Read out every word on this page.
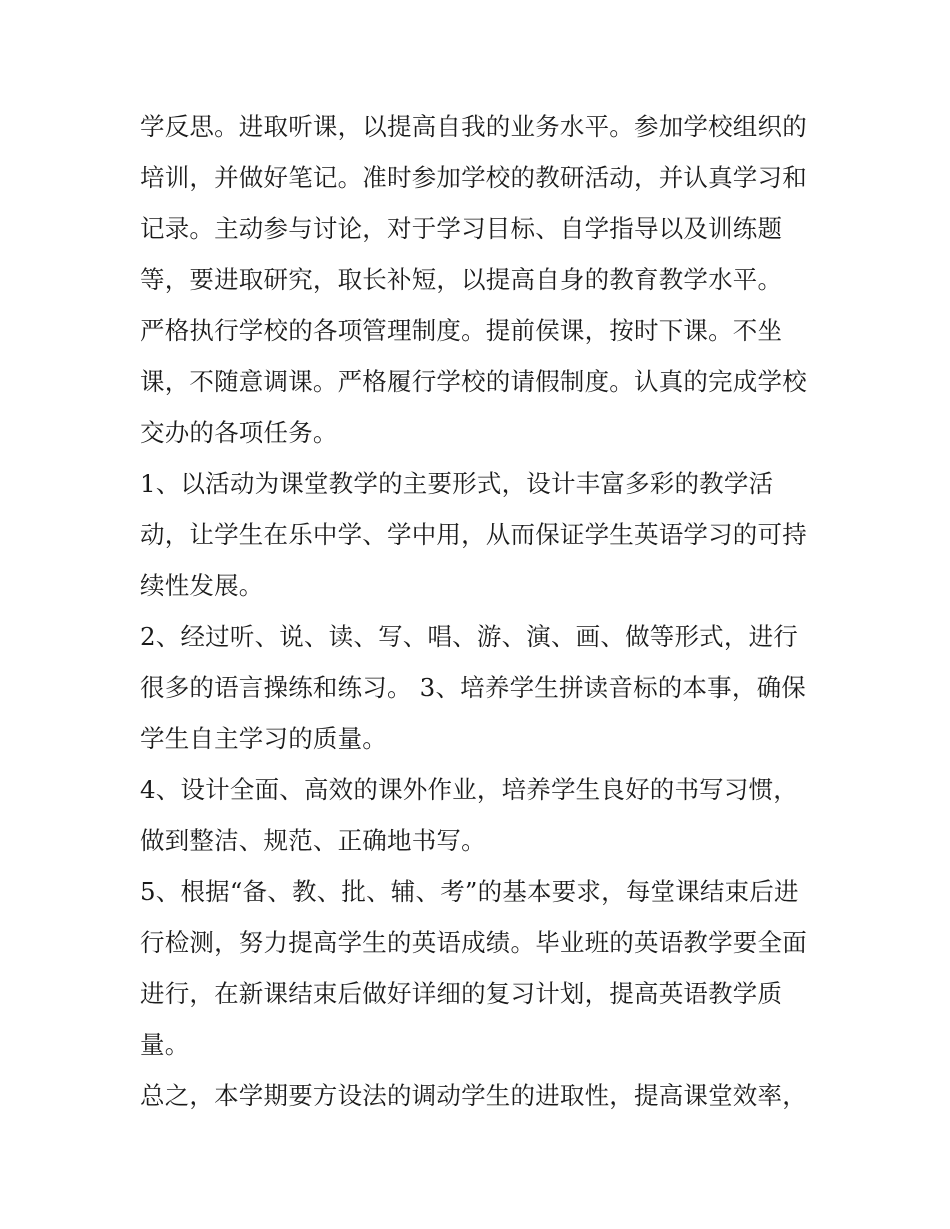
学反思。进取听课，以提高自我的业务水平。参加学校组织的
培训，并做好笔记。准时参加学校的教研活动，并认真学习和
记录。主动参与讨论，对于学习目标、自学指导以及训练题
等，要进取研究，取长补短，以提高自身的教育教学水平。
严格执行学校的各项管理制度。提前侯课，按时下课。不坐
课，不随意调课。严格履行学校的请假制度。认真的完成学校
交办的各项任务。
1、以活动为课堂教学的主要形式，设计丰富多彩的教学活
动，让学生在乐中学、学中用，从而保证学生英语学习的可持
续性发展。
2、经过听、说、读、写、唱、游、演、画、做等形式，进行
很多的语言操练和练习。 3、培养学生拼读音标的本事，确保
学生自主学习的质量。
4、设计全面、高效的课外作业，培养学生良好的书写习惯，
做到整洁、规范、正确地书写。
5、根据“备、教、批、辅、考”的基本要求，每堂课结束后进
行检测，努力提高学生的英语成绩。毕业班的英语教学要全面
进行，在新课结束后做好详细的复习计划，提高英语教学质
量。
总之，本学期要方设法的调动学生的进取性，提高课堂效率，
